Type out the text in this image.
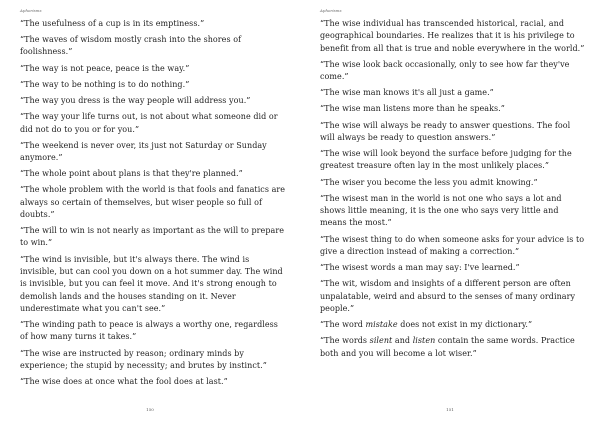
Aphorisms

“The usefulness of a cup is in its emptiness.”

“The waves of wisdom mostly crash into the shores of foolishness.”

“The way is not peace, peace is the way.”

“The way to be nothing is to do nothing.”

“The way you dress is the way people will address you.”

“The way your life turns out, is not about what someone did or did not do to you or for you.”

“The weekend is never over, its just not Saturday or Sunday anymore.”

“The whole point about plans is that they're planned.”

“The whole problem with the world is that fools and fanatics are always so certain of themselves, but wiser people so full of doubts.”

“The will to win is not nearly as important as the will to prepare to win.”

“The wind is invisible, but it's always there. The wind is invisible, but can cool you down on a hot summer day. The wind is invisible, but you can feel it move. And it's strong enough to demolish lands and the houses standing on it. Never underestimate what you can't see.”

“The winding path to peace is always a worthy one, regardless of how many turns it takes.”

“The wise are instructed by reason; ordinary minds by experience; the stupid by necessity; and brutes by instinct.”

“The wise does at once what the fool does at last.”

150
Aphorisms

“The wise individual has transcended historical, racial, and geographical boundaries. He realizes that it is his privilege to benefit from all that is true and noble everywhere in the world.”

“The wise look back occasionally, only to see how far they've come.”

“The wise man knows it's all just a game.”

“The wise man listens more than he speaks.”

“The wise will always be ready to answer questions. The fool will always be ready to question answers.”

“The wise will look beyond the surface before judging for the greatest treasure often lay in the most unlikely places.”

“The wiser you become the less you admit knowing.”

“The wisest man in the world is not one who says a lot and shows little meaning, it is the one who says very little and means the most.”

“The wisest thing to do when someone asks for your advice is to give a direction instead of making a correction.”

“The wisest words a man may say: I've learned.”

“The wit, wisdom and insights of a different person are often unpalatable, weird and absurd to the senses of many ordinary people.”

“The word mistake does not exist in my dictionary.”

“The words silent and listen contain the same words. Practice both and you will become a lot wiser.”

151
